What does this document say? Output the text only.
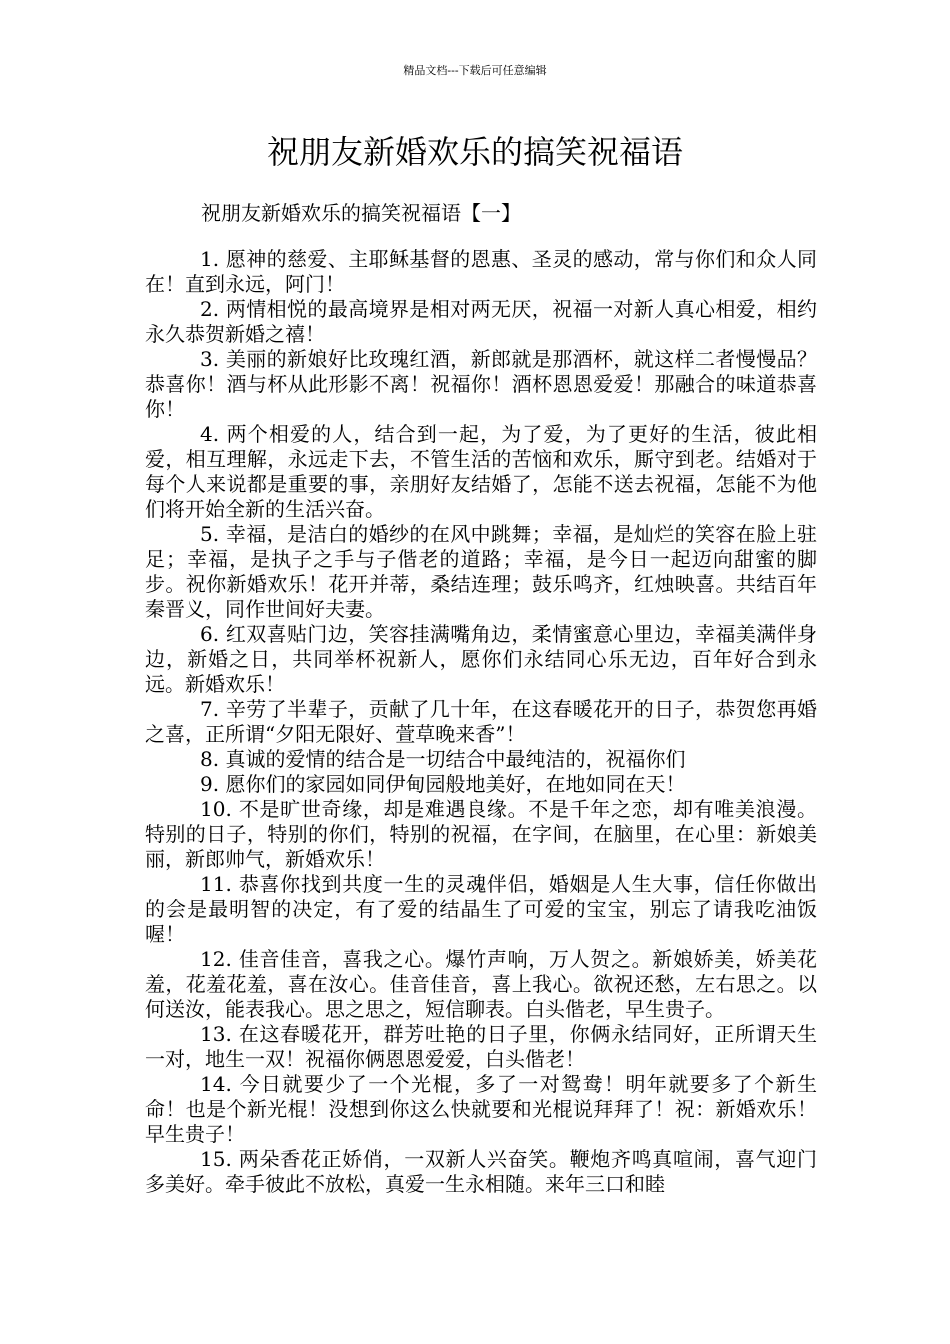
精品文档---下载后可任意编辑
祝朋友新婚欢乐的搞笑祝福语
祝朋友新婚欢乐的搞笑祝福语【一】

1. 愿神的慈爱、主耶稣基督的恩惠、圣灵的感动，常与你们和众人同在！直到永远，阿门！

2. 两情相悦的最高境界是相对两无厌，祝福一对新人真心相爱，相约永久恭贺新婚之禧！

3. 美丽的新娘好比玫瑰红酒，新郎就是那酒杯，就这样二者慢慢品？恭喜你！酒与杯从此形影不离！祝福你！酒杯恩恩爱爱！那融合的味道恭喜你！

4. 两个相爱的人，结合到一起，为了爱，为了更好的生活，彼此相爱，相互理解，永远走下去，不管生活的苦恼和欢乐，厮守到老。结婚对于每个人来说都是重要的事，亲朋好友结婚了，怎能不送去祝福，怎能不为他们将开始全新的生活兴奋。

5. 幸福，是洁白的婚纱的在风中跳舞；幸福，是灿烂的笑容在脸上驻足；幸福，是执子之手与子偕老的道路；幸福，是今日一起迈向甜蜜的脚步。祝你新婚欢乐！花开并蒂，桑结连理；鼓乐鸣齐，红烛映喜。共结百年秦晋义，同作世间好夫妻。

6. 红双喜贴门边，笑容挂满嘴角边，柔情蜜意心里边，幸福美满伴身边，新婚之日，共同举杯祝新人，愿你们永结同心乐无边，百年好合到永远。新婚欢乐！

7. 辛劳了半辈子，贡献了几十年，在这春暖花开的日子，恭贺您再婚之喜，正所谓“夕阳无限好、萱草晚来香”！

8. 真诚的爱情的结合是一切结合中最纯洁的，祝福你们

9. 愿你们的家园如同伊甸园般地美好，在地如同在天！

10. 不是旷世奇缘，却是难遇良缘。不是千年之恋，却有唯美浪漫。特别的日子，特别的你们，特别的祝福，在字间，在脑里，在心里：新娘美丽，新郎帅气，新婚欢乐！

11. 恭喜你找到共度一生的灵魂伴侣，婚姻是人生大事，信任你做出的会是最明智的决定，有了爱的结晶生了可爱的宝宝，别忘了请我吃油饭喔！

12. 佳音佳音，喜我之心。爆竹声响，万人贺之。新娘娇美，娇美花羞，花羞花羞，喜在汝心。佳音佳音，喜上我心。欲祝还愁，左右思之。以何送汝，能表我心。思之思之，短信聊表。白头偕老，早生贵子。

13. 在这春暖花开，群芳吐艳的日子里，你俩永结同好，正所谓天生一对，地生一双！祝福你俩恩恩爱爱，白头偕老！

14. 今日就要少了一个光棍，多了一对鸳鸯！明年就要多了个新生命！也是个新光棍！没想到你这么快就要和光棍说拜拜了！祝：新婚欢乐！早生贵子！

15. 两朵香花正娇俏，一双新人兴奋笑。鞭炮齐鸣真喧闹，喜气迎门多美好。牵手彼此不放松，真爱一生永相随。来年三口和睦
